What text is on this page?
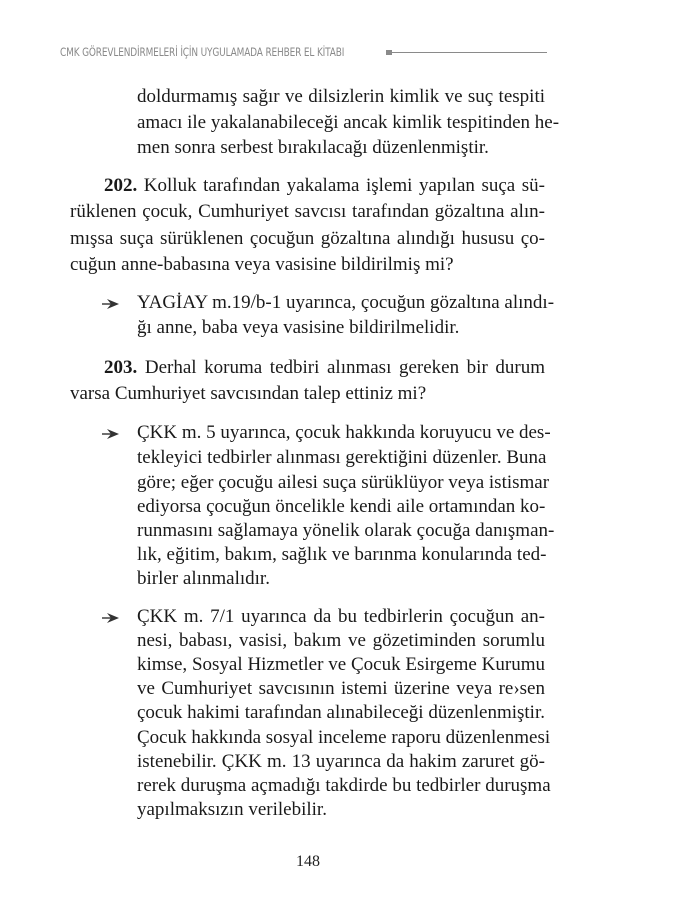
CMK GÖREVLENDİRMELERİ İÇİN UYGULAMADA REHBER EL KİTABI
doldurmamış sağır ve dilsizlerin kimlik ve suç tespiti
amacı ile yakalanabileceği ancak kimlik tespitinden he-
men sonra serbest bırakılacağı düzenlenmiştir.
202. Kolluk tarafından yakalama işlemi yapılan suça sü-
rüklenen çocuk, Cumhuriyet savcısı tarafından gözaltına alın-
mışsa suça sürüklenen çocuğun gözaltına alındığı hususu ço-
cuğun anne-babasına veya vasisine bildirilmiş mi?
YAGİAY m.19/b-1 uyarınca, çocuğun gözaltına alındı-
ğı anne, baba veya vasisine bildirilmelidir.
203. Derhal koruma tedbiri alınması gereken bir durum
varsa Cumhuriyet savcısından talep ettiniz mi?
ÇKK m. 5 uyarınca, çocuk hakkında koruyucu ve des-
tekleyici tedbirler alınması gerektiğini düzenler. Buna
göre; eğer çocuğu ailesi suça sürüklüyor veya istismar
ediyorsa çocuğun öncelikle kendi aile ortamından ko-
runmasını sağlamaya yönelik olarak çocuğa danışman-
lık, eğitim, bakım, sağlık ve barınma konularında ted-
birler alınmalıdır.
ÇKK m. 7/1 uyarınca da bu tedbirlerin çocuğun an-
nesi, babası, vasisi, bakım ve gözetiminden sorumlu
kimse, Sosyal Hizmetler ve Çocuk Esirgeme Kurumu
ve Cumhuriyet savcısının istemi üzerine veya re›sen
çocuk hakimi tarafından alınabileceği düzenlenmiştir.
Çocuk hakkında sosyal inceleme raporu düzenlenmesi
istenebilir. ÇKK m. 13 uyarınca da hakim zaruret gö-
rerek duruşma açmadığı takdirde bu tedbirler duruşma
yapılmaksızın verilebilir.
148
